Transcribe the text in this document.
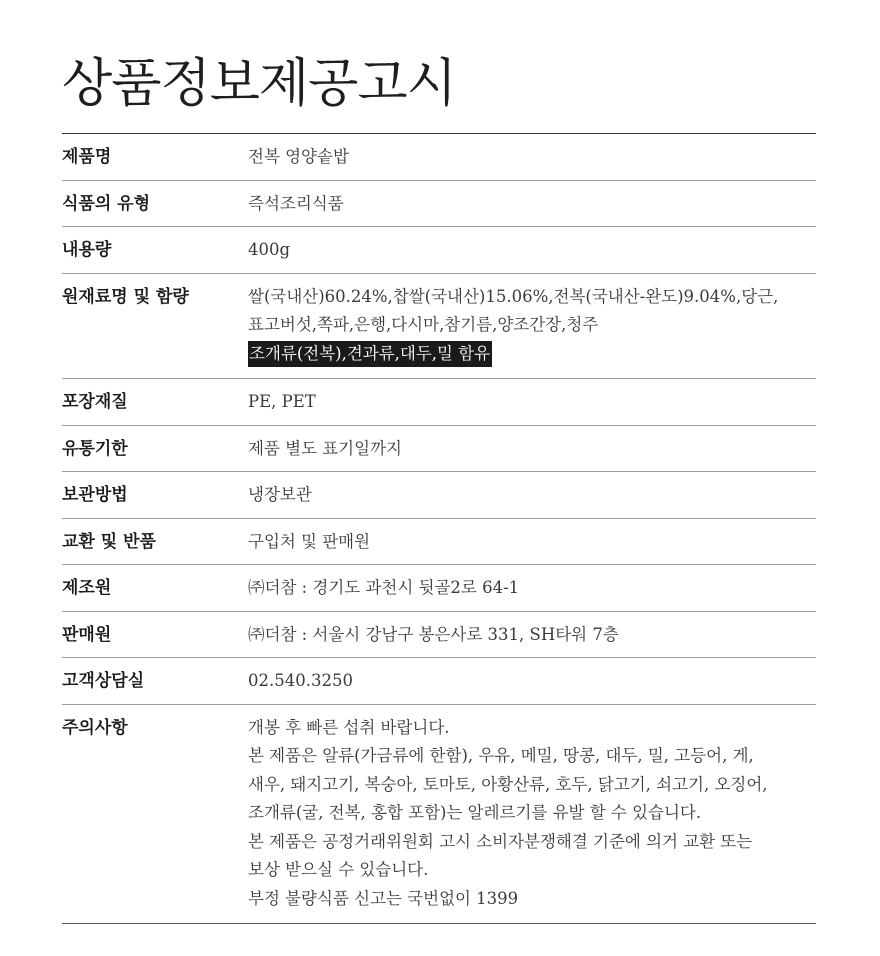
상품정보제공고시
제품명	전복 영양솥밥
식품의 유형	즉석조리식품
내용량	400g
원재료명 및 함량	쌀(국내산)60.24%,찹쌀(국내산)15.06%,전복(국내산-완도)9.04%,당근,
표고버섯,쪽파,은행,다시마,참기름,양조간장,청주
조개류(전복),견과류,대두,밀 함유
포장재질	PE, PET
유통기한	제품 별도 표기일까지
보관방법	냉장보관
교환 및 반품	구입처 및 판매원
제조원	㈜더참 : 경기도 과천시 뒷골2로 64-1
판매원	㈜더참 : 서울시 강남구 봉은사로 331, SH타워 7층
고객상담실	02.540.3250
주의사항	개봉 후 빠른 섭취 바랍니다.
본 제품은 알류(가금류에 한함), 우유, 메밀, 땅콩, 대두, 밀, 고등어, 게,
새우, 돼지고기, 복숭아, 토마토, 아황산류, 호두, 닭고기, 쇠고기, 오징어,
조개류(굴, 전복, 홍합 포함)는 알레르기를 유발 할 수 있습니다.
본 제품은 공정거래위원회 고시 소비자분쟁해결 기준에 의거 교환 또는
보상 받으실 수 있습니다.
부정 불량식품 신고는 국번없이 1399
